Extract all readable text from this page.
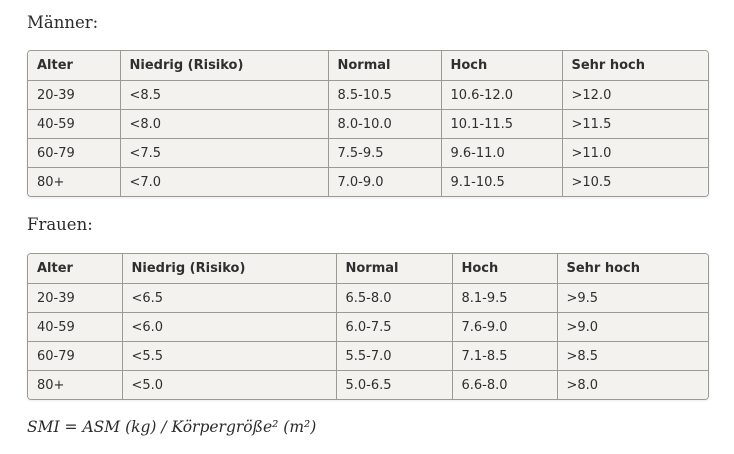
Männer:
Alter	Niedrig (Risiko)	Normal	Hoch	Sehr hoch
20-39	<8.5	8.5-10.5	10.6-12.0	>12.0
40-59	<8.0	8.0-10.0	10.1-11.5	>11.5
60-79	<7.5	7.5-9.5	9.6-11.0	>11.0
80+	<7.0	7.0-9.0	9.1-10.5	>10.5
Frauen:
Alter	Niedrig (Risiko)	Normal	Hoch	Sehr hoch
20-39	<6.5	6.5-8.0	8.1-9.5	>9.5
40-59	<6.0	6.0-7.5	7.6-9.0	>9.0
60-79	<5.5	5.5-7.0	7.1-8.5	>8.5
80+	<5.0	5.0-6.5	6.6-8.0	>8.0
SMI = ASM (kg) / Körpergröße² (m²)
